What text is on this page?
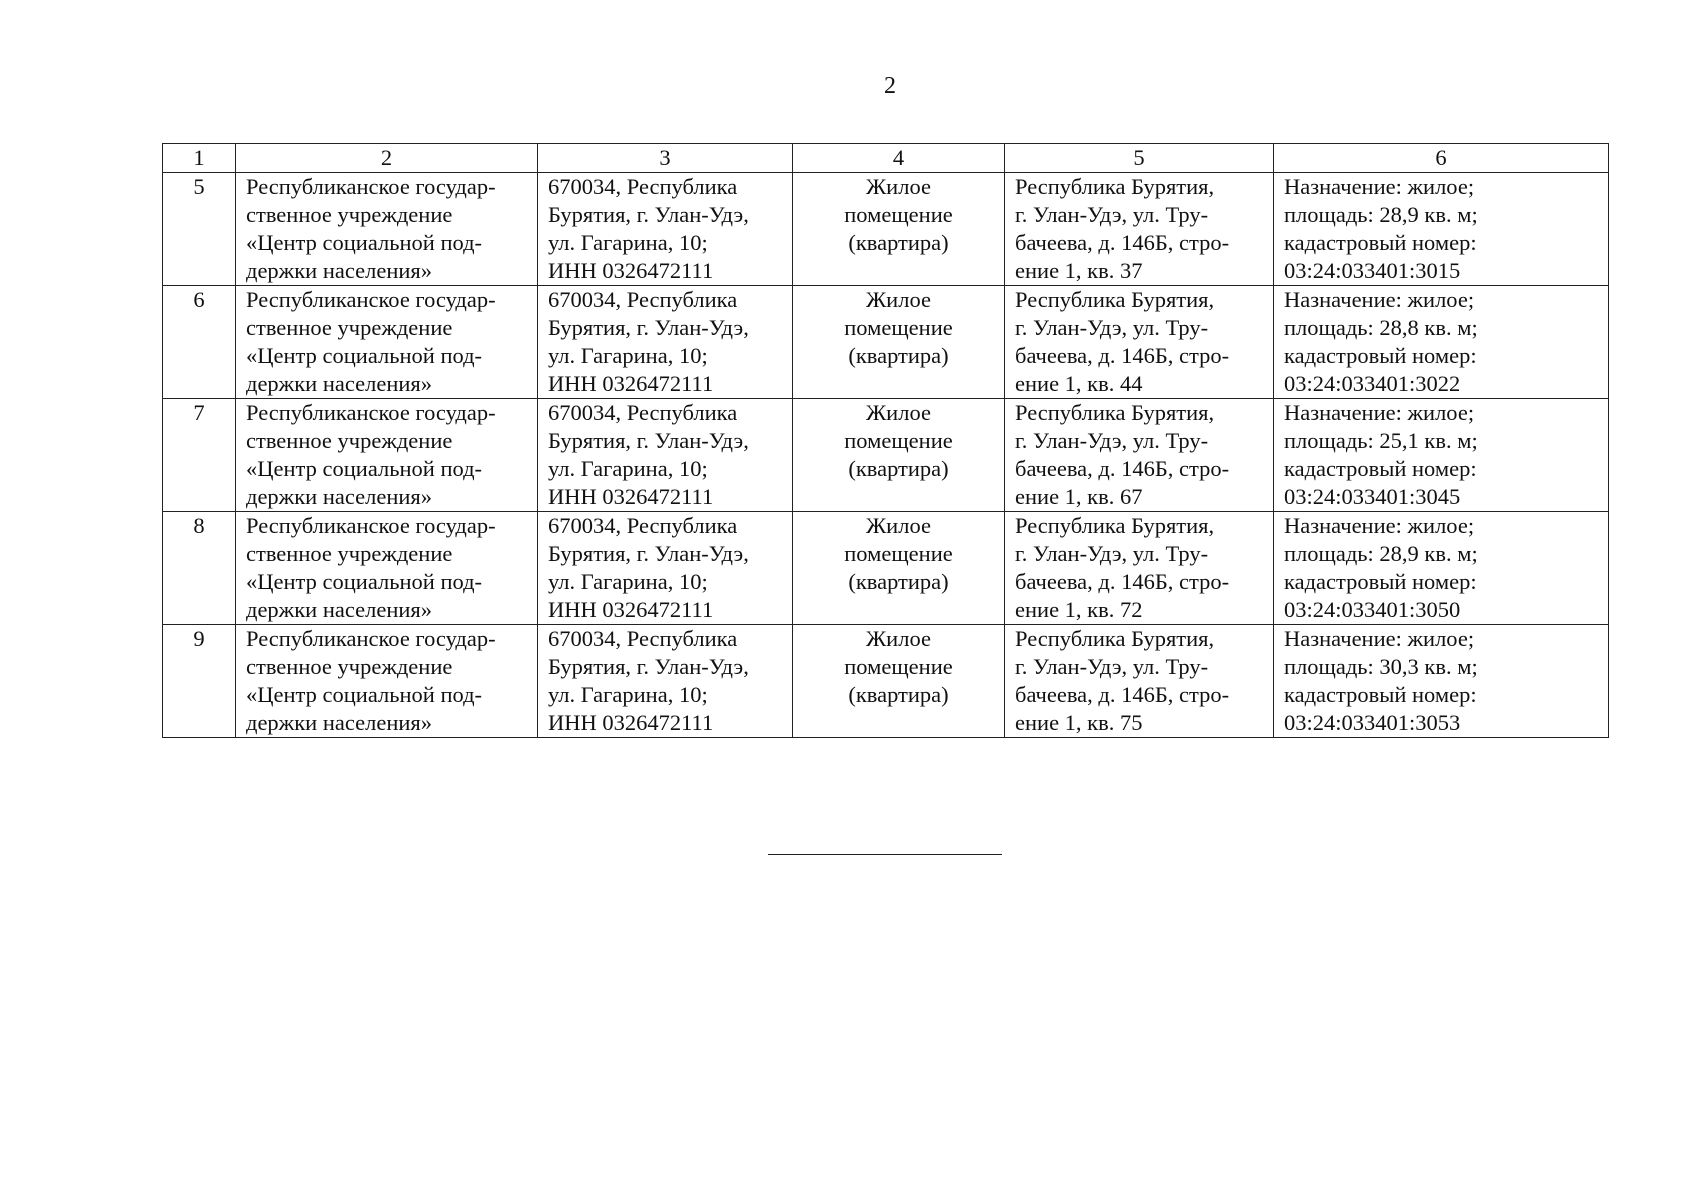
2
1	2	3	4	5	6
5	Республиканское государ-
ственное учреждение
«Центр социальной под-
держки населения»	670034, Республика
Бурятия, г. Улан-Удэ,
ул. Гагарина, 10;
ИНН 0326472111	Жилое
помещение
(квартира)	Республика Бурятия,
г. Улан-Удэ, ул. Тру-
бачеева, д. 146Б, стро-
ение 1, кв. 37	Назначение: жилое;
площадь: 28,9 кв. м;
кадастровый номер:
03:24:033401:3015

6	Республиканское государ-
ственное учреждение
«Центр социальной под-
держки населения»	670034, Республика
Бурятия, г. Улан-Удэ,
ул. Гагарина, 10;
ИНН 0326472111	Жилое
помещение
(квартира)	Республика Бурятия,
г. Улан-Удэ, ул. Тру-
бачеева, д. 146Б, стро-
ение 1, кв. 44	Назначение: жилое;
площадь: 28,8 кв. м;
кадастровый номер:
03:24:033401:3022

7	Республиканское государ-
ственное учреждение
«Центр социальной под-
держки населения»	670034, Республика
Бурятия, г. Улан-Удэ,
ул. Гагарина, 10;
ИНН 0326472111	Жилое
помещение
(квартира)	Республика Бурятия,
г. Улан-Удэ, ул. Тру-
бачеева, д. 146Б, стро-
ение 1, кв. 67	Назначение: жилое;
площадь: 25,1 кв. м;
кадастровый номер:
03:24:033401:3045

8	Республиканское государ-
ственное учреждение
«Центр социальной под-
держки населения»	670034, Республика
Бурятия, г. Улан-Удэ,
ул. Гагарина, 10;
ИНН 0326472111	Жилое
помещение
(квартира)	Республика Бурятия,
г. Улан-Удэ, ул. Тру-
бачеева, д. 146Б, стро-
ение 1, кв. 72	Назначение: жилое;
площадь: 28,9 кв. м;
кадастровый номер:
03:24:033401:3050

9	Республиканское государ-
ственное учреждение
«Центр социальной под-
держки населения»	670034, Республика
Бурятия, г. Улан-Удэ,
ул. Гагарина, 10;
ИНН 0326472111	Жилое
помещение
(квартира)	Республика Бурятия,
г. Улан-Удэ, ул. Тру-
бачеева, д. 146Б, стро-
ение 1, кв. 75	Назначение: жилое;
площадь: 30,3 кв. м;
кадастровый номер:
03:24:033401:3053
